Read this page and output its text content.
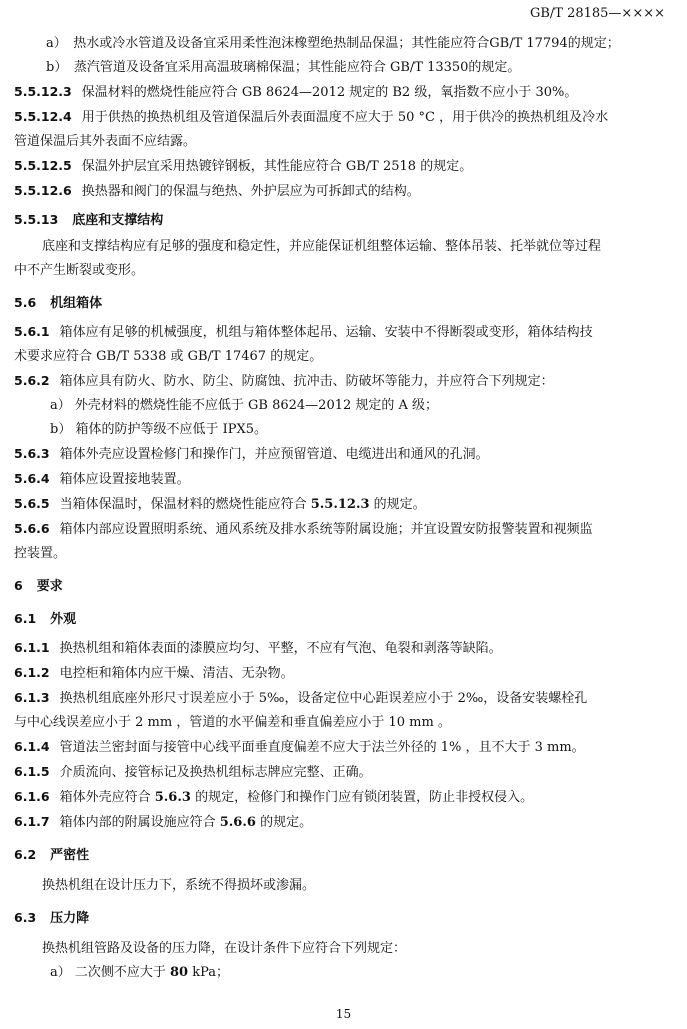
GB/T 28185—××××
a）　热水或冷水管道及设备宜采用柔性泡沫橡塑绝热制品保温；其性能应符合GB/T 17794的规定；
b）　蒸汽管道及设备宜采用高温玻璃棉保温；其性能应符合 GB/T 13350的规定。
5.5.12.3 保温材料的燃烧性能应符合 GB 8624—2012 规定的 B2 级，氧指数不应小于 30%。
5.5.12.4 用于供热的换热机组及管道保温后外表面温度不应大于 50 °C ，用于供冷的换热机组及冷水
管道保温后其外表面不应结露。
5.5.12.5 保温外护层宜采用热镀锌钢板，其性能应符合 GB/T 2518 的规定。
5.5.12.6 换热器和阀门的保温与绝热、外护层应为可拆卸式的结构。
5.5.13 底座和支撑结构
底座和支撑结构应有足够的强度和稳定性，并应能保证机组整体运输、整体吊装、托举就位等过程
中不产生断裂或变形。
5.6 机组箱体
5.6.1 箱体应有足够的机械强度，机组与箱体整体起吊、运输、安装中不得断裂或变形，箱体结构技
术要求应符合 GB/T 5338 或 GB/T 17467 的规定。
5.6.2 箱体应具有防火、防水、防尘、防腐蚀、抗冲击、防破坏等能力，并应符合下列规定：
a） 外壳材料的燃烧性能不应低于 GB 8624—2012 规定的 A 级；
b） 箱体的防护等级不应低于 IPX5。
5.6.3 箱体外壳应设置检修门和操作门，并应预留管道、电缆进出和通风的孔洞。
5.6.4 箱体应设置接地装置。
5.6.5 当箱体保温时，保温材料的燃烧性能应符合 5.5.12.3 的规定。
5.6.6 箱体内部应设置照明系统、通风系统及排水系统等附属设施；并宜设置安防报警装置和视频监
控装置。
6 要求
6.1 外观
6.1.1 换热机组和箱体表面的漆膜应均匀、平整，不应有气泡、龟裂和剥落等缺陷。
6.1.2 电控柜和箱体内应干燥、清洁、无杂物。
6.1.3 换热机组底座外形尺寸误差应小于 5‰，设备定位中心距误差应小于 2‰，设备安装螺栓孔
与中心线误差应小于 2 mm ，管道的水平偏差和垂直偏差应小于 10 mm 。
6.1.4 管道法兰密封面与接管中心线平面垂直度偏差不应大于法兰外径的 1% ，且不大于 3 mm。
6.1.5 介质流向、接管标记及换热机组标志牌应完整、正确。
6.1.6 箱体外壳应符合 5.6.3 的规定，检修门和操作门应有锁闭装置，防止非授权侵入。
6.1.7 箱体内部的附属设施应符合 5.6.6 的规定。
6.2 严密性
换热机组在设计压力下，系统不得损坏或渗漏。
6.3 压力降
换热机组管路及设备的压力降，在设计条件下应符合下列规定：
a） 二次侧不应大于 80 kPa；
15
